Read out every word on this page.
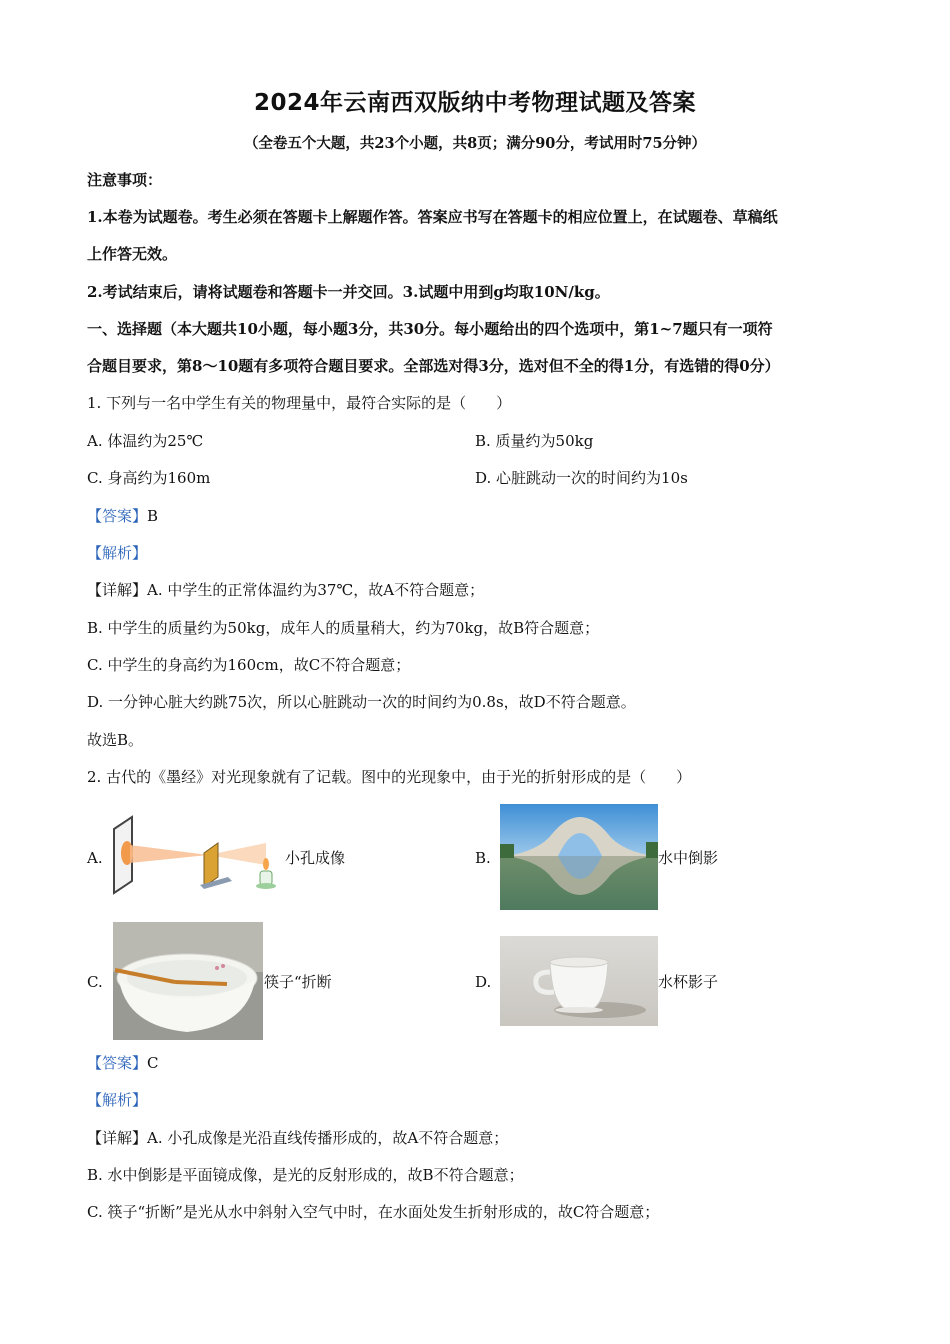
2024年云南西双版纳中考物理试题及答案
（全卷五个大题，共23个小题，共8页；满分90分，考试用时75分钟）
注意事项：
1.本卷为试题卷。考生必须在答题卡上解题作答。答案应书写在答题卡的相应位置上，在试题卷、草稿纸
上作答无效。
2.考试结束后，请将试题卷和答题卡一并交回。3.试题中用到g均取10N/kg。
一、选择题（本大题共10小题，每小题3分，共30分。每小题给出的四个选项中，第1~7题只有一项符
合题目要求，第8～10题有多项符合题目要求。全部选对得3分，选对但不全的得1分，有选错的得0分）
1. 下列与一名中学生有关的物理量中，最符合实际的是（　　）
A. 体温约为25℃	B. 质量约为50kg
C. 身高约为160m	D. 心脏跳动一次的时间约为10s
【答案】B
【解析】
【详解】A. 中学生的正常体温约为37℃，故A不符合题意；
B. 中学生的质量约为50kg，成年人的质量稍大，约为70kg，故B符合题意；
C. 中学生的身高约为160cm，故C不符合题意；
D. 一分钟心脏大约跳75次，所以心脏跳动一次的时间约为0.8s，故D不符合题意。
故选B。
2. 古代的《墨经》对光现象就有了记载。图中的光现象中，由于光的折射形成的是（　　）
A.	小孔成像	B.	水中倒影
C.	筷子“折断	D.	水杯影子
【答案】C
【解析】
【详解】A. 小孔成像是光沿直线传播形成的，故A不符合题意；
B. 水中倒影是平面镜成像，是光的反射形成的，故B不符合题意；
C. 筷子“折断”是光从水中斜射入空气中时，在水面处发生折射形成的，故C符合题意；
